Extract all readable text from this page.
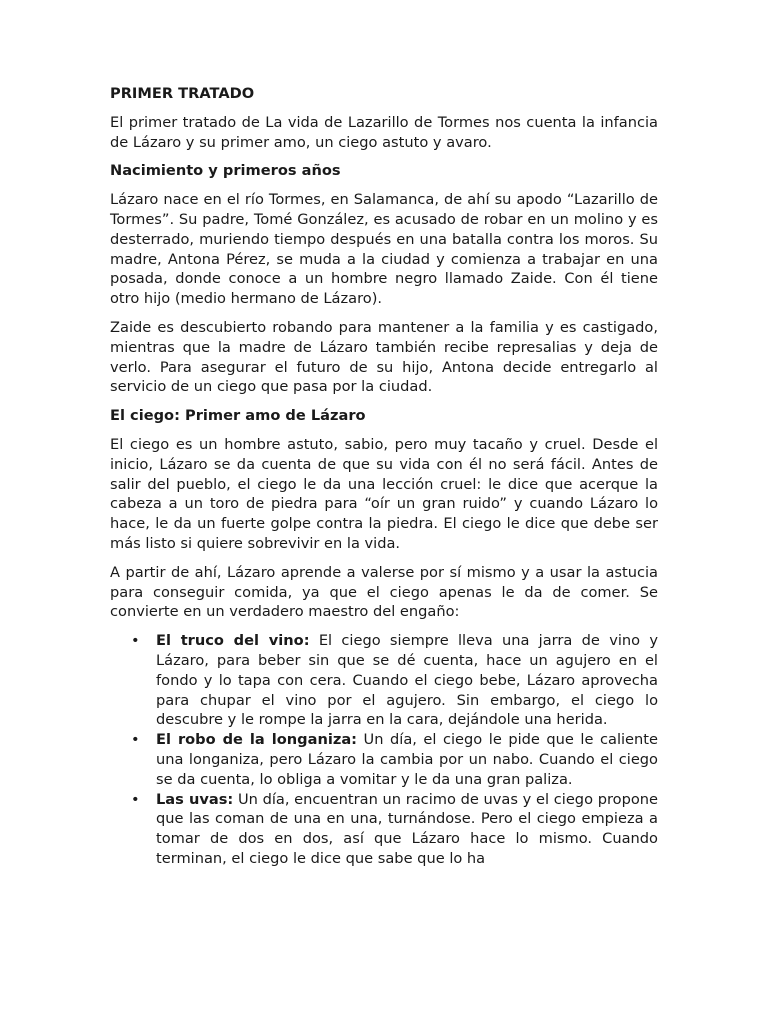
PRIMER TRATADO
El primer tratado de La vida de Lazarillo de Tormes nos cuenta la infancia de Lázaro y su primer amo, un ciego astuto y avaro.
Nacimiento y primeros años
Lázaro nace en el río Tormes, en Salamanca, de ahí su apodo “Lazarillo de Tormes”. Su padre, Tomé González, es acusado de robar en un molino y es desterrado, muriendo tiempo después en una batalla contra los moros. Su madre, Antona Pérez, se muda a la ciudad y comienza a trabajar en una posada, donde conoce a un hombre negro llamado Zaide. Con él tiene otro hijo (medio hermano de Lázaro).
Zaide es descubierto robando para mantener a la familia y es castigado, mientras que la madre de Lázaro también recibe represalias y deja de verlo. Para asegurar el futuro de su hijo, Antona decide entregarlo al servicio de un ciego que pasa por la ciudad.
El ciego: Primer amo de Lázaro
El ciego es un hombre astuto, sabio, pero muy tacaño y cruel. Desde el inicio, Lázaro se da cuenta de que su vida con él no será fácil. Antes de salir del pueblo, el ciego le da una lección cruel: le dice que acerque la cabeza a un toro de piedra para “oír un gran ruido” y cuando Lázaro lo hace, le da un fuerte golpe contra la piedra. El ciego le dice que debe ser más listo si quiere sobrevivir en la vida.
A partir de ahí, Lázaro aprende a valerse por sí mismo y a usar la astucia para conseguir comida, ya que el ciego apenas le da de comer. Se convierte en un verdadero maestro del engaño:
• El truco del vino: El ciego siempre lleva una jarra de vino y Lázaro, para beber sin que se dé cuenta, hace un agujero en el fondo y lo tapa con cera. Cuando el ciego bebe, Lázaro aprovecha para chupar el vino por el agujero. Sin embargo, el ciego lo descubre y le rompe la jarra en la cara, dejándole una herida.
• El robo de la longaniza: Un día, el ciego le pide que le caliente una longaniza, pero Lázaro la cambia por un nabo. Cuando el ciego se da cuenta, lo obliga a vomitar y le da una gran paliza.
• Las uvas: Un día, encuentran un racimo de uvas y el ciego propone que las coman de una en una, turnándose. Pero el ciego empieza a tomar de dos en dos, así que Lázaro hace lo mismo. Cuando terminan, el ciego le dice que sabe que lo ha
